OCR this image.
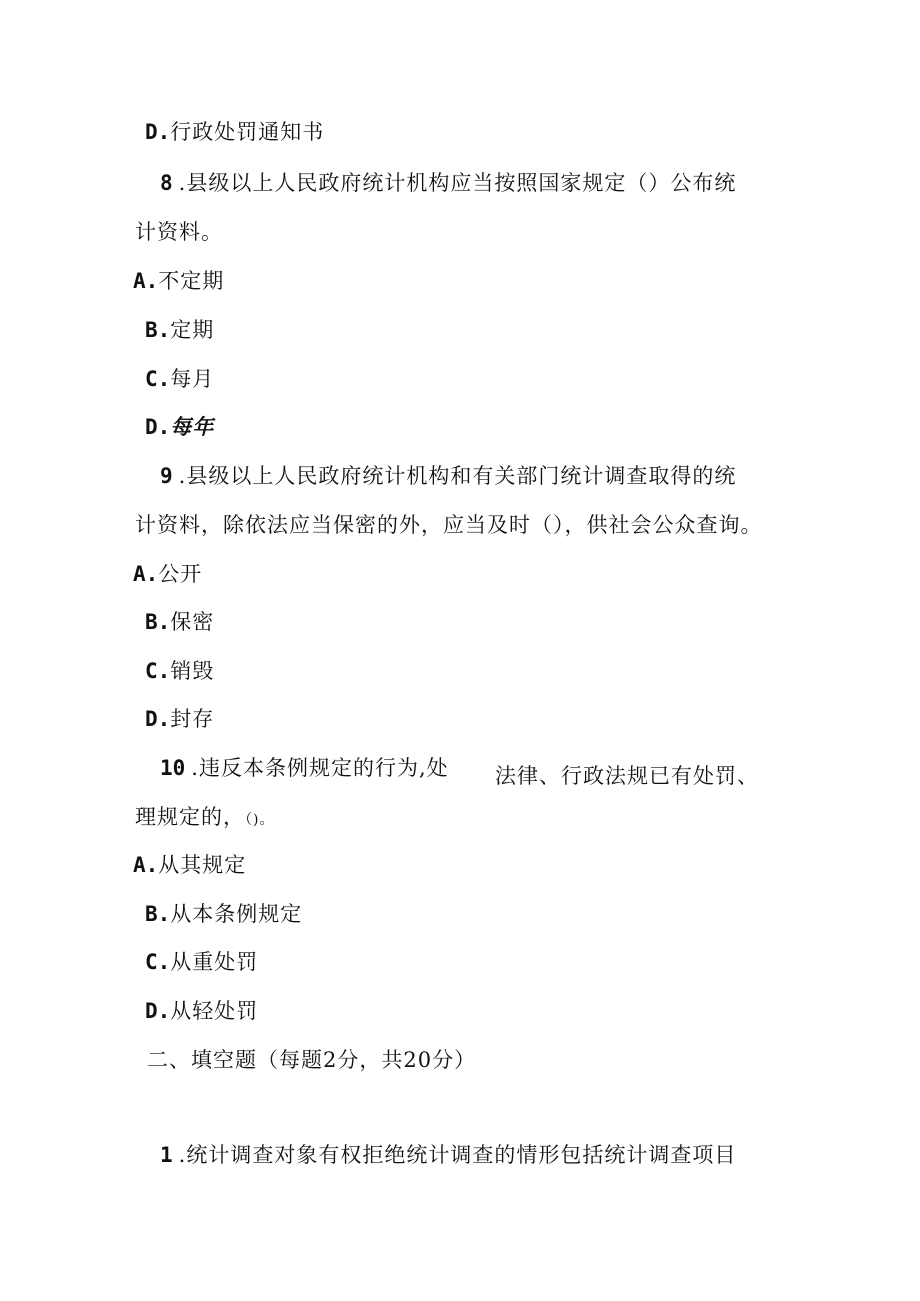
D.行政处罚通知书
8 .县级以上人民政府统计机构应当按照国家规定（）公布统
计资料。
A.不定期
B.定期
C.每月
D.每年
9 .县级以上人民政府统计机构和有关部门统计调查取得的统
计资料，除依法应当保密的外，应当及时（），供社会公众查询。
A.公开
B.保密
C.销毁
D.封存
10 .违反本条例规定的行为,处 法律、行政法规已有处罚、
理规定的，（)。
A.从其规定
B.从本条例规定
C.从重处罚
D.从轻处罚
二、填空题（每题2分，共20分）
1 .统计调查对象有权拒绝统计调查的情形包括统计调查项目
